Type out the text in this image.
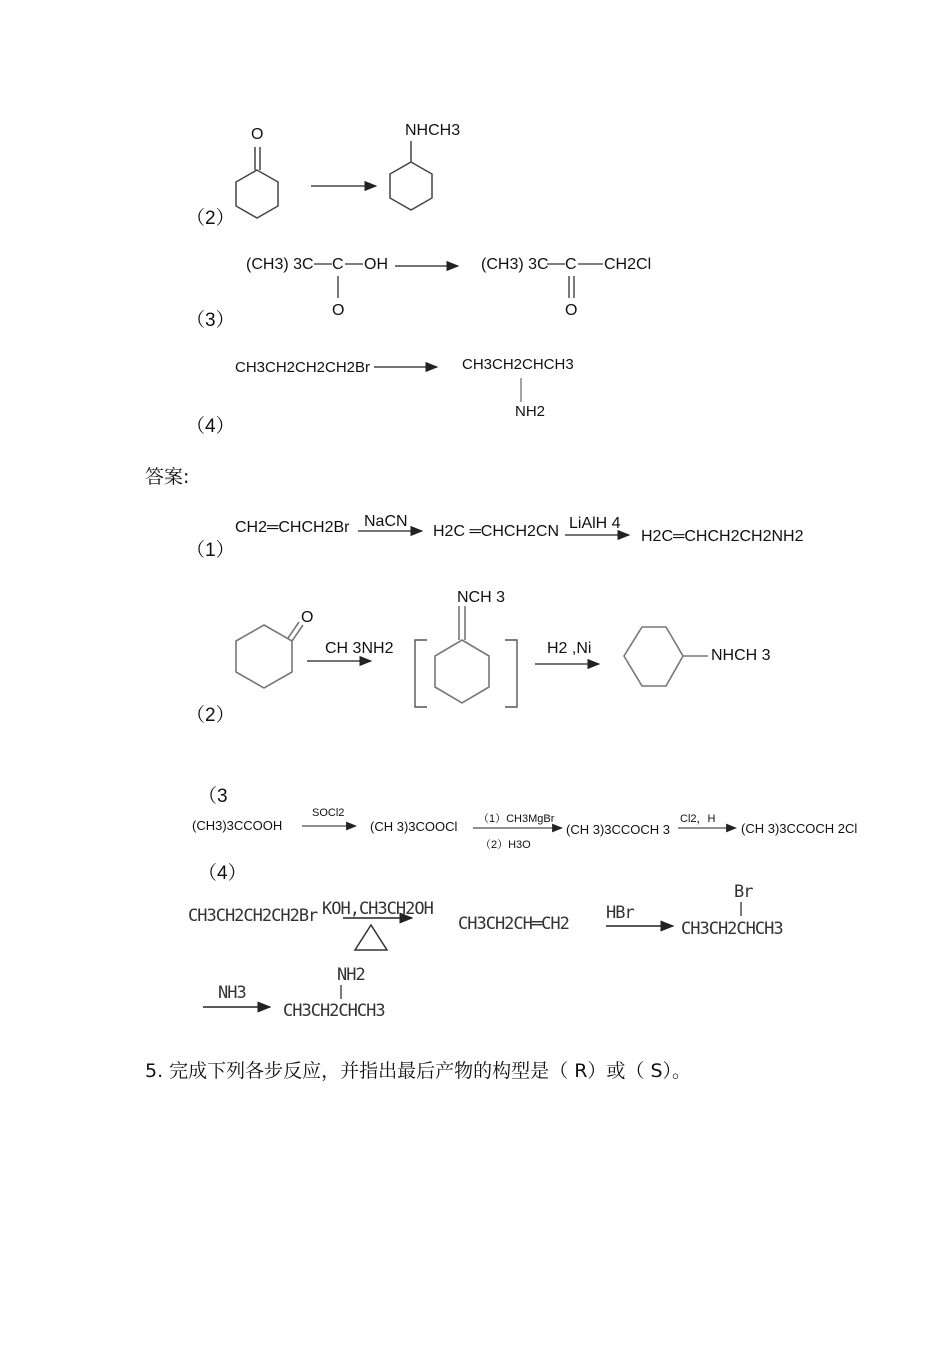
（2）
O	NHCH3
（3）
(CH3) 3C C OH
O
(CH3) 3C C CH2Cl
O
（4）
CH3CH2CH2CH2Br	CH3CH2CHCH3
NH2
答案:
（1）
CH2═CHCH2Br NaCN
H2C ═CHCH2CN LiAlH 4
H2C═CHCH2CH2NH2
（2）
O
CH 3NH2
NCH 3
H2 ,Ni	NHCH 3
（3
(CH3)3CCOOH
SOCl2
(CH 3)3COOCl （1）CH3MgBr
（2）H3O
(CH 3)3CCOCH 3
Cl2，H
(CH 3)3CCOCH 2Cl
（4）
CH3CH2CH2CH2Br KOH,CH3CH2OH
CH3CH2CH═CH2
HBr
Br
CH3CH2CHCH3
NH3
NH2
CH3CH2CHCH3
5. 完成下列各步反应，并指出最后产物的构型是（ R）或（ S）。
